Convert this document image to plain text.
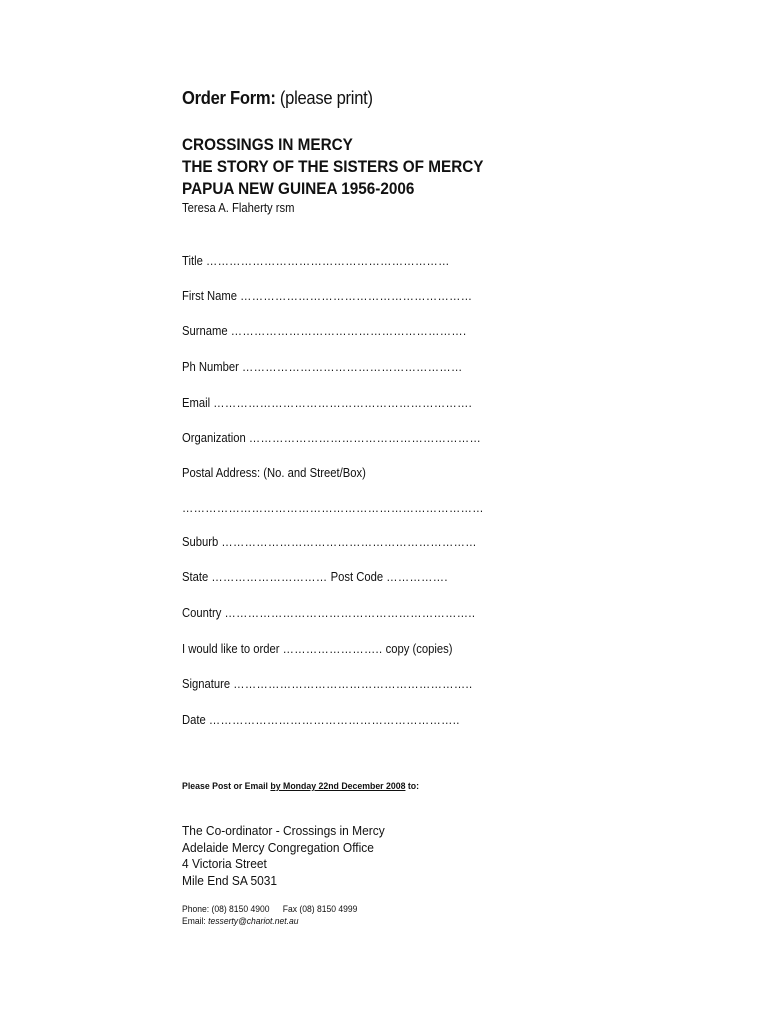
Order Form: (please print)
CROSSINGS IN MERCY
THE STORY OF THE SISTERS OF MERCY
PAPUA NEW GUINEA 1956-2006
Teresa A. Flaherty rsm
Title ………………………………………………………
First Name ……………………………………………………
Surname …………………………………………………….
Ph Number …………………………………………………
Email ………………………………………………………….
Organization ……………………………………………………
Postal Address: (No. and Street/Box)
……………………………………………………………………
Suburb …………………………………………………………
State ………………………… Post Code …………….
Country ………………………………………………………..
I would like to order …………………….. copy (copies)
Signature ……………………………………………………..
Date ………………………………………………………..
Please Post or Email by Monday 22nd December 2008 to:
The Co-ordinator - Crossings in Mercy
Adelaide Mercy Congregation Office
4 Victoria Street
Mile End SA 5031
Phone: (08) 8150 4900 Fax (08) 8150 4999
Email: tesserty@chariot.net.au
